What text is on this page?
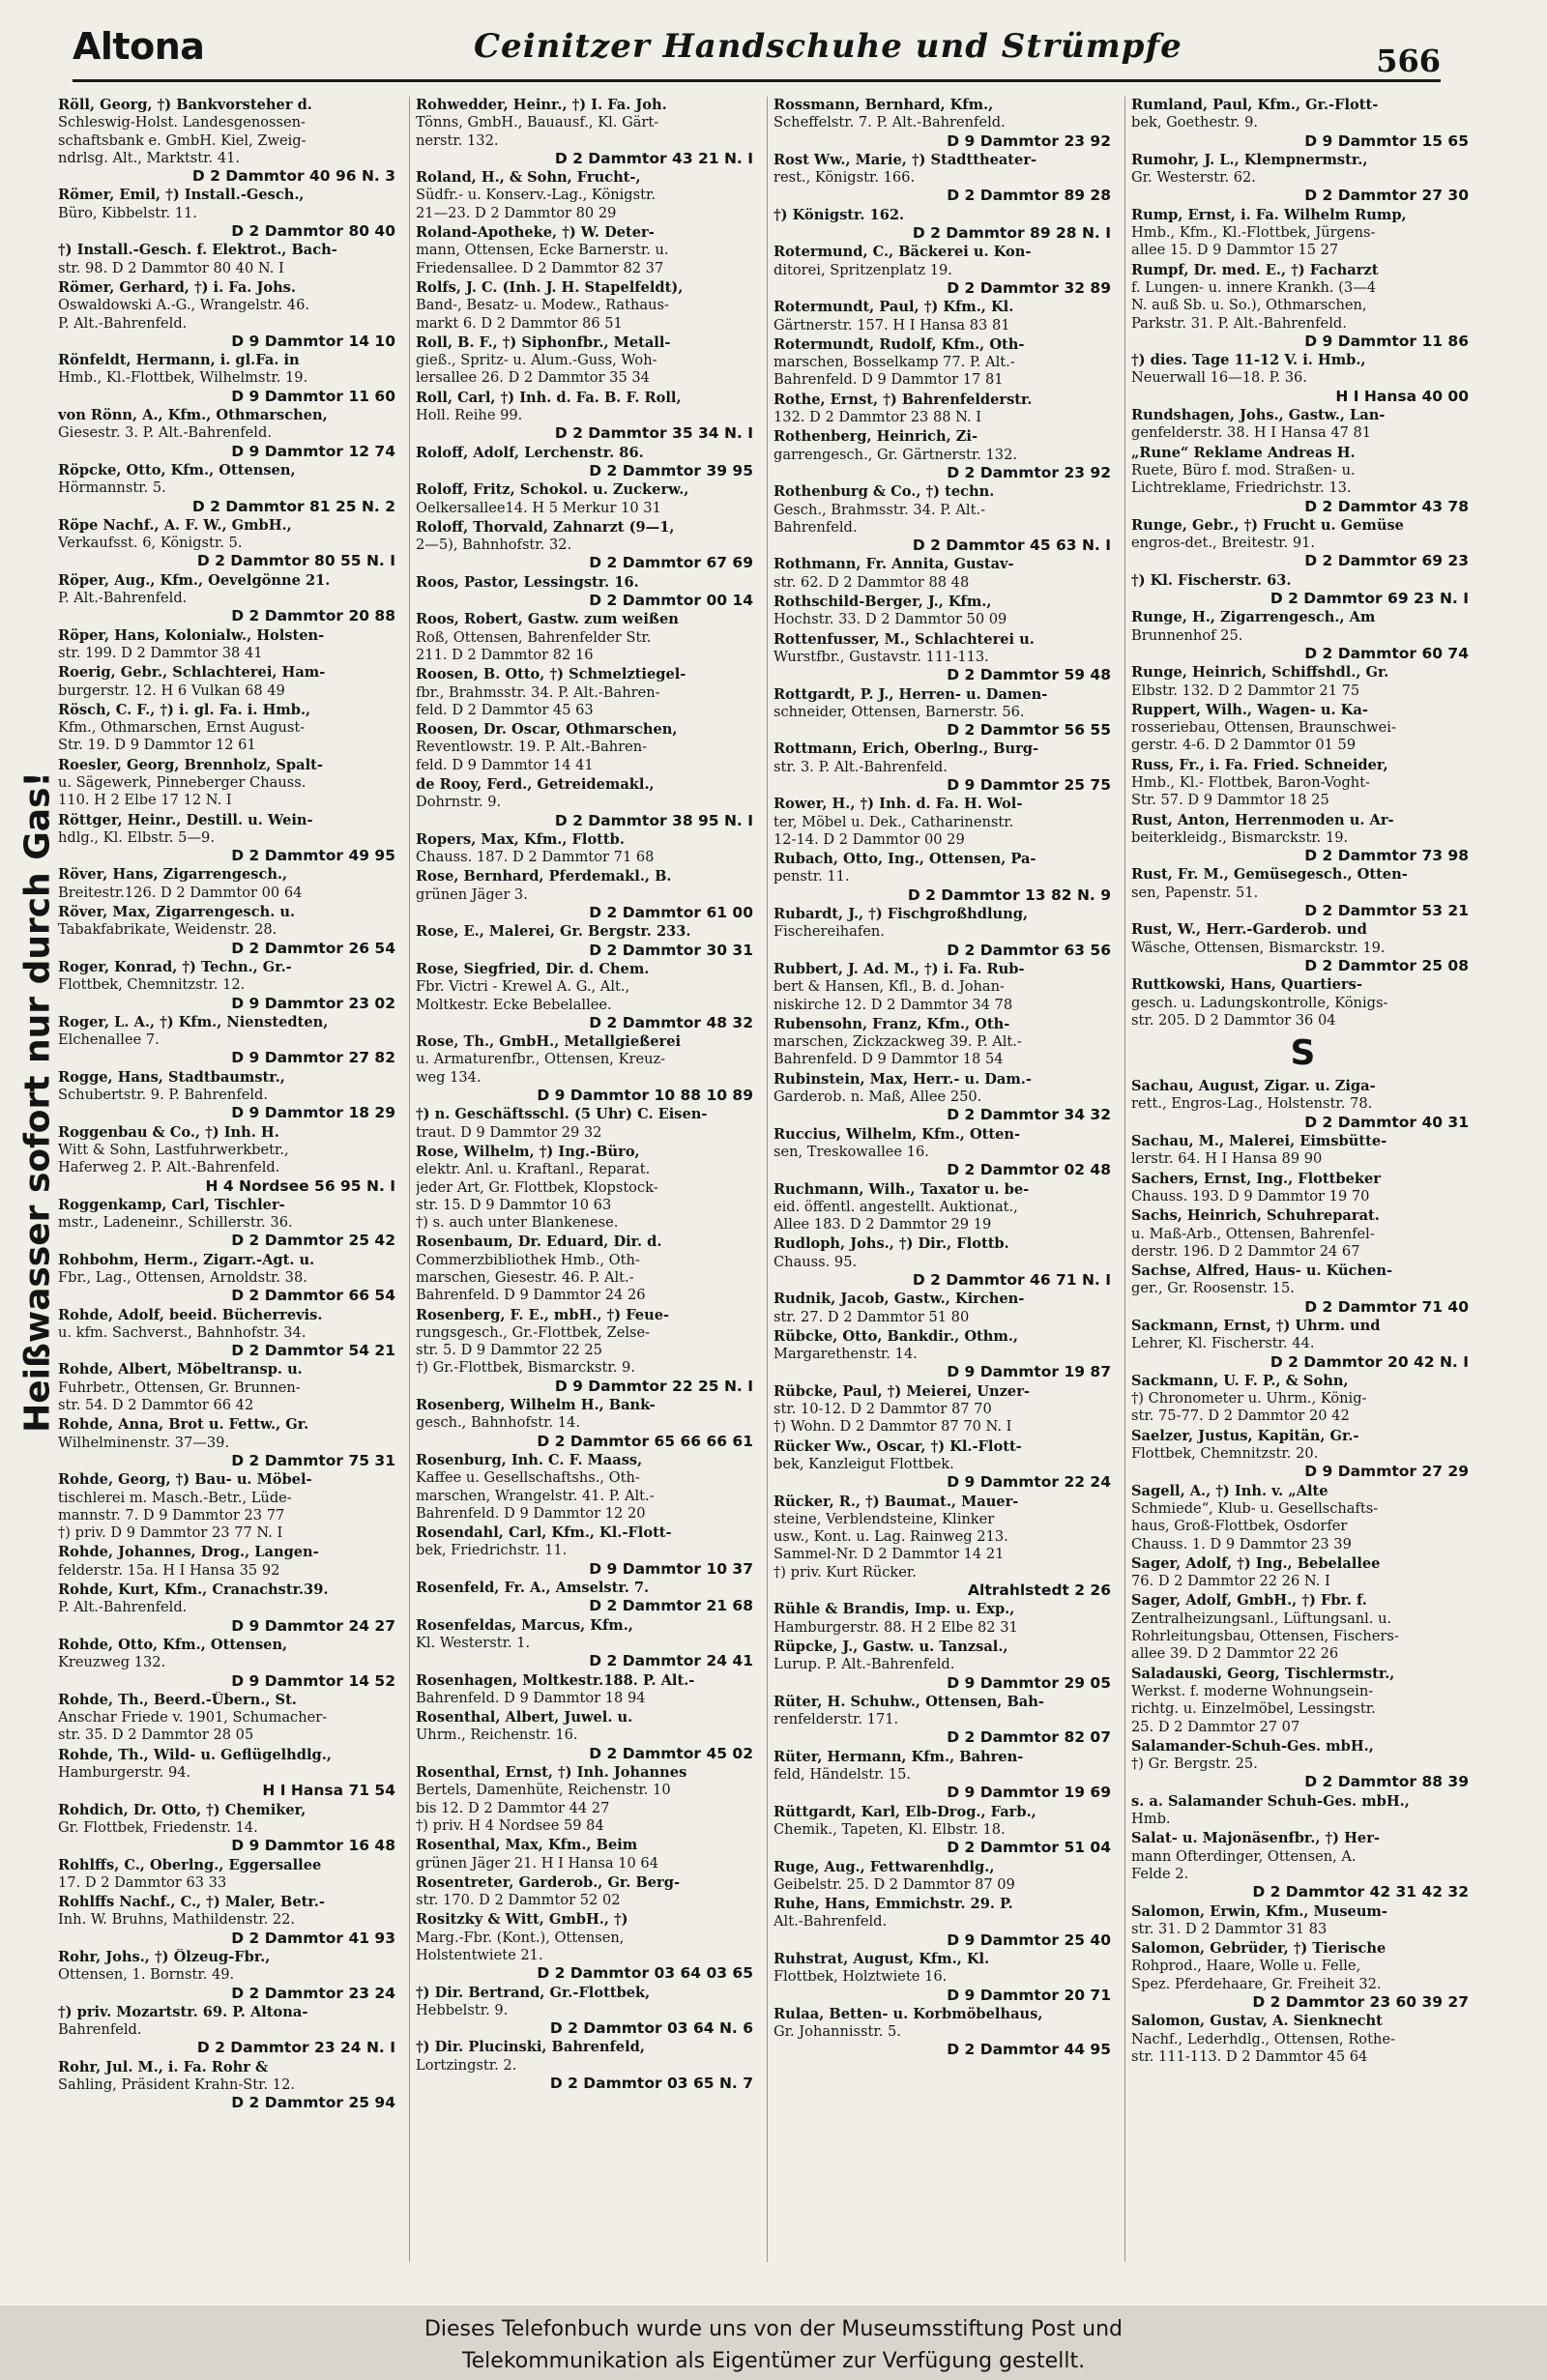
Altona	Ceinitzer Handschuhe und Strümpfe	566
Heißwasser sofort nur durch Gas!
Röll, Georg, †) Bankvorsteher d.
Schleswig-Holst. Landesgenossen-
schaftsbank e. GmbH. Kiel, Zweig-
ndrlsg. Alt., Marktstr. 41.
D 2 Dammtor 40 96 N. 3
Römer, Emil, †) Install.-Gesch.,
Büro, Kibbelstr. 11.
D 2 Dammtor 80 40
†) Install.-Gesch. f. Elektrot., Bach-
str. 98. D 2 Dammtor 80 40 N. I
Römer, Gerhard, †) i. Fa. Johs.
Oswaldowski A.-G., Wrangelstr. 46.
P. Alt.-Bahrenfeld.
D 9 Dammtor 14 10
Rönfeldt, Hermann, i. gl.Fa. in
Hmb., Kl.-Flottbek, Wilhelmstr. 19.
D 9 Dammtor 11 60
von Rönn, A., Kfm., Othmarschen,
Giesestr. 3. P. Alt.-Bahrenfeld.
D 9 Dammtor 12 74
Röpcke, Otto, Kfm., Ottensen,
Hörmannstr. 5.
D 2 Dammtor 81 25 N. 2
Röpe Nachf., A. F. W., GmbH.,
Verkaufsst. 6, Königstr. 5.
D 2 Dammtor 80 55 N. I
Röper, Aug., Kfm., Oevelgönne 21.
P. Alt.-Bahrenfeld.
D 2 Dammtor 20 88
Röper, Hans, Kolonialw., Holsten-
str. 199. D 2 Dammtor 38 41
Roerig, Gebr., Schlachterei, Ham-
burgerstr. 12. H 6 Vulkan 68 49
Rösch, C. F., †) i. gl. Fa. i. Hmb.,
Kfm., Othmarschen, Ernst August-
Str. 19. D 9 Dammtor 12 61
Roesler, Georg, Brennholz, Spalt-
u. Sägewerk, Pinneberger Chauss.
110. H 2 Elbe 17 12 N. I
Röttger, Heinr., Destill. u. Wein-
hdlg., Kl. Elbstr. 5—9.
D 2 Dammtor 49 95
Röver, Hans, Zigarrengesch.,
Breitestr.126. D 2 Dammtor 00 64
Röver, Max, Zigarrengesch. u.
Tabakfabrikate, Weidenstr. 28.
D 2 Dammtor 26 54
Roger, Konrad, †) Techn., Gr.-
Flottbek, Chemnitzstr. 12.
D 9 Dammtor 23 02
Roger, L. A., †) Kfm., Nienstedten,
Elchenallee 7.
D 9 Dammtor 27 82
Rogge, Hans, Stadtbaumstr.,
Schubertstr. 9. P. Bahrenfeld.
D 9 Dammtor 18 29
Roggenbau & Co., †) Inh. H.
Witt & Sohn, Lastfuhrwerkbetr.,
Haferweg 2. P. Alt.-Bahrenfeld.
H 4 Nordsee 56 95 N. I
Roggenkamp, Carl, Tischler-
mstr., Ladeneinr., Schillerstr. 36.
D 2 Dammtor 25 42
Rohbohm, Herm., Zigarr.-Agt. u.
Fbr., Lag., Ottensen, Arnoldstr. 38.
D 2 Dammtor 66 54
Rohde, Adolf, beeid. Bücherrevis.
u. kfm. Sachverst., Bahnhofstr. 34.
D 2 Dammtor 54 21
Rohde, Albert, Möbeltransp. u.
Fuhrbetr., Ottensen, Gr. Brunnen-
str. 54. D 2 Dammtor 66 42
Rohde, Anna, Brot u. Fettw., Gr.
Wilhelminenstr. 37—39.
D 2 Dammtor 75 31
Rohde, Georg, †) Bau- u. Möbel-
tischlerei m. Masch.-Betr., Lüde-
mannstr. 7. D 9 Dammtor 23 77
†) priv. D 9 Dammtor 23 77 N. I
Rohde, Johannes, Drog., Langen-
felderstr. 15a. H I Hansa 35 92
Rohde, Kurt, Kfm., Cranachstr.39.
P. Alt.-Bahrenfeld.
D 9 Dammtor 24 27
Rohde, Otto, Kfm., Ottensen,
Kreuzweg 132.
D 9 Dammtor 14 52
Rohde, Th., Beerd.-Übern., St.
Anschar Friede v. 1901, Schumacher-
str. 35. D 2 Dammtor 28 05
Rohde, Th., Wild- u. Geflügelhdlg.,
Hamburgerstr. 94.
H I Hansa 71 54
Rohdich, Dr. Otto, †) Chemiker,
Gr. Flottbek, Friedenstr. 14.
D 9 Dammtor 16 48
Rohlffs, C., Oberlng., Eggersallee
17. D 2 Dammtor 63 33
Rohlffs Nachf., C., †) Maler, Betr.-
Inh. W. Bruhns, Mathildenstr. 22.
D 2 Dammtor 41 93
Rohr, Johs., †) Ölzeug-Fbr.,
Ottensen, 1. Bornstr. 49.
D 2 Dammtor 23 24
†) priv. Mozartstr. 69. P. Altona-
Bahrenfeld.
D 2 Dammtor 23 24 N. I
Rohr, Jul. M., i. Fa. Rohr &
Sahling, Präsident Krahn-Str. 12.
D 2 Dammtor 25 94
Rohwedder, Heinr., †) I. Fa. Joh.
Tönns, GmbH., Bauausf., Kl. Gärt-
nerstr. 132.
D 2 Dammtor 43 21 N. I
Roland, H., & Sohn, Frucht-,
Südfr.- u. Konserv.-Lag., Königstr.
21—23. D 2 Dammtor 80 29
Roland-Apotheke, †) W. Deter-
mann, Ottensen, Ecke Barnerstr. u.
Friedensallee. D 2 Dammtor 82 37
Rolfs, J. C. (Inh. J. H. Stapelfeldt),
Band-, Besatz- u. Modew., Rathaus-
markt 6. D 2 Dammtor 86 51
Roll, B. F., †) Siphonfbr., Metall-
gieß., Spritz- u. Alum.-Guss, Woh-
lersallee 26. D 2 Dammtor 35 34
Roll, Carl, †) Inh. d. Fa. B. F. Roll,
Holl. Reihe 99.
D 2 Dammtor 35 34 N. I
Roloff, Adolf, Lerchenstr. 86.
D 2 Dammtor 39 95
Roloff, Fritz, Schokol. u. Zuckerw.,
Oelkersallee14. H 5 Merkur 10 31
Roloff, Thorvald, Zahnarzt (9—1,
2—5), Bahnhofstr. 32.
D 2 Dammtor 67 69
Roos, Pastor, Lessingstr. 16.
D 2 Dammtor 00 14
Roos, Robert, Gastw. zum weißen
Roß, Ottensen, Bahrenfelder Str.
211. D 2 Dammtor 82 16
Roosen, B. Otto, †) Schmelztiegel-
fbr., Brahmsstr. 34. P. Alt.-Bahren-
feld. D 2 Dammtor 45 63
Roosen, Dr. Oscar, Othmarschen,
Reventlowstr. 19. P. Alt.-Bahren-
feld. D 9 Dammtor 14 41
de Rooy, Ferd., Getreidemakl.,
Dohrnstr. 9.
D 2 Dammtor 38 95 N. I
Ropers, Max, Kfm., Flottb.
Chauss. 187. D 2 Dammtor 71 68
Rose, Bernhard, Pferdemakl., B.
grünen Jäger 3.
D 2 Dammtor 61 00
Rose, E., Malerei, Gr. Bergstr. 233.
D 2 Dammtor 30 31
Rose, Siegfried, Dir. d. Chem.
Fbr. Victri - Krewel A. G., Alt.,
Moltkestr. Ecke Bebelallee.
D 2 Dammtor 48 32
Rose, Th., GmbH., Metallgießerei
u. Armaturenfbr., Ottensen, Kreuz-
weg 134.
D 9 Dammtor 10 88 10 89
†) n. Geschäftsschl. (5 Uhr) C. Eisen-
traut. D 9 Dammtor 29 32
Rose, Wilhelm, †) Ing.-Büro,
elektr. Anl. u. Kraftanl., Reparat.
jeder Art, Gr. Flottbek, Klopstock-
str. 15. D 9 Dammtor 10 63
†) s. auch unter Blankenese.
Rosenbaum, Dr. Eduard, Dir. d.
Commerzbibliothek Hmb., Oth-
marschen, Giesestr. 46. P. Alt.-
Bahrenfeld. D 9 Dammtor 24 26
Rosenberg, F. E., mbH., †) Feue-
rungsgesch., Gr.-Flottbek, Zelse-
str. 5. D 9 Dammtor 22 25
†) Gr.-Flottbek, Bismarckstr. 9.
D 9 Dammtor 22 25 N. I
Rosenberg, Wilhelm H., Bank-
gesch., Bahnhofstr. 14.
D 2 Dammtor 65 66 66 61
Rosenburg, Inh. C. F. Maass,
Kaffee u. Gesellschaftshs., Oth-
marschen, Wrangelstr. 41. P. Alt.-
Bahrenfeld. D 9 Dammtor 12 20
Rosendahl, Carl, Kfm., Kl.-Flott-
bek, Friedrichstr. 11.
D 9 Dammtor 10 37
Rosenfeld, Fr. A., Amselstr. 7.
D 2 Dammtor 21 68
Rosenfeldas, Marcus, Kfm.,
Kl. Westerstr. 1.
D 2 Dammtor 24 41
Rosenhagen, Moltkestr.188. P. Alt.-
Bahrenfeld. D 9 Dammtor 18 94
Rosenthal, Albert, Juwel. u.
Uhrm., Reichenstr. 16.
D 2 Dammtor 45 02
Rosenthal, Ernst, †) Inh. Johannes
Bertels, Damenhüte, Reichenstr. 10
bis 12. D 2 Dammtor 44 27
†) priv. H 4 Nordsee 59 84
Rosenthal, Max, Kfm., Beim
grünen Jäger 21. H I Hansa 10 64
Rosentreter, Garderob., Gr. Berg-
str. 170. D 2 Dammtor 52 02
Rositzky & Witt, GmbH., †)
Marg.-Fbr. (Kont.), Ottensen,
Holstentwiete 21.
D 2 Dammtor 03 64 03 65
†) Dir. Bertrand, Gr.-Flottbek,
Hebbelstr. 9.
D 2 Dammtor 03 64 N. 6
†) Dir. Plucinski, Bahrenfeld,
Lortzingstr. 2.
D 2 Dammtor 03 65 N. 7
Rossmann, Bernhard, Kfm.,
Scheffelstr. 7. P. Alt.-Bahrenfeld.
D 9 Dammtor 23 92
Rost Ww., Marie, †) Stadttheater-
rest., Königstr. 166.
D 2 Dammtor 89 28
†) Königstr. 162.
D 2 Dammtor 89 28 N. I
Rotermund, C., Bäckerei u. Kon-
ditorei, Spritzenplatz 19.
D 2 Dammtor 32 89
Rotermundt, Paul, †) Kfm., Kl.
Gärtnerstr. 157. H I Hansa 83 81
Rotermundt, Rudolf, Kfm., Oth-
marschen, Bosselkamp 77. P. Alt.-
Bahrenfeld. D 9 Dammtor 17 81
Rothe, Ernst, †) Bahrenfelderstr.
132. D 2 Dammtor 23 88 N. I
Rothenberg, Heinrich, Zi-
garrengesch., Gr. Gärtnerstr. 132.
D 2 Dammtor 23 92
Rothenburg & Co., †) techn.
Gesch., Brahmsstr. 34. P. Alt.-
Bahrenfeld.
D 2 Dammtor 45 63 N. I
Rothmann, Fr. Annita, Gustav-
str. 62. D 2 Dammtor 88 48
Rothschild-Berger, J., Kfm.,
Hochstr. 33. D 2 Dammtor 50 09
Rottenfusser, M., Schlachterei u.
Wurstfbr., Gustavstr. 111-113.
D 2 Dammtor 59 48
Rottgardt, P. J., Herren- u. Damen-
schneider, Ottensen, Barnerstr. 56.
D 2 Dammtor 56 55
Rottmann, Erich, Oberlng., Burg-
str. 3. P. Alt.-Bahrenfeld.
D 9 Dammtor 25 75
Rower, H., †) Inh. d. Fa. H. Wol-
ter, Möbel u. Dek., Catharinenstr.
12-14. D 2 Dammtor 00 29
Rubach, Otto, Ing., Ottensen, Pa-
penstr. 11.
D 2 Dammtor 13 82 N. 9
Rubardt, J., †) Fischgroßhdlung,
Fischereihafen.
D 2 Dammtor 63 56
Rubbert, J. Ad. M., †) i. Fa. Rub-
bert & Hansen, Kfl., B. d. Johan-
niskirche 12. D 2 Dammtor 34 78
Rubensohn, Franz, Kfm., Oth-
marschen, Zickzackweg 39. P. Alt.-
Bahrenfeld. D 9 Dammtor 18 54
Rubinstein, Max, Herr.- u. Dam.-
Garderob. n. Maß, Allee 250.
D 2 Dammtor 34 32
Ruccius, Wilhelm, Kfm., Otten-
sen, Treskowallee 16.
D 2 Dammtor 02 48
Ruchmann, Wilh., Taxator u. be-
eid. öffentl. angestellt. Auktionat.,
Allee 183. D 2 Dammtor 29 19
Rudloph, Johs., †) Dir., Flottb.
Chauss. 95.
D 2 Dammtor 46 71 N. I
Rudnik, Jacob, Gastw., Kirchen-
str. 27. D 2 Dammtor 51 80
Rübcke, Otto, Bankdir., Othm.,
Margarethenstr. 14.
D 9 Dammtor 19 87
Rübcke, Paul, †) Meierei, Unzer-
str. 10-12. D 2 Dammtor 87 70
†) Wohn. D 2 Dammtor 87 70 N. I
Rücker Ww., Oscar, †) Kl.-Flott-
bek, Kanzleigut Flottbek.
D 9 Dammtor 22 24
Rücker, R., †) Baumat., Mauer-
steine, Verblendsteine, Klinker
usw., Kont. u. Lag. Rainweg 213.
Sammel-Nr. D 2 Dammtor 14 21
†) priv. Kurt Rücker.
Altrahlstedt 2 26
Rühle & Brandis, Imp. u. Exp.,
Hamburgerstr. 88. H 2 Elbe 82 31
Rüpcke, J., Gastw. u. Tanzsal.,
Lurup. P. Alt.-Bahrenfeld.
D 9 Dammtor 29 05
Rüter, H. Schuhw., Ottensen, Bah-
renfelderstr. 171.
D 2 Dammtor 82 07
Rüter, Hermann, Kfm., Bahren-
feld, Händelstr. 15.
D 9 Dammtor 19 69
Rüttgardt, Karl, Elb-Drog., Farb.,
Chemik., Tapeten, Kl. Elbstr. 18.
D 2 Dammtor 51 04
Ruge, Aug., Fettwarenhdlg.,
Geibelstr. 25. D 2 Dammtor 87 09
Ruhe, Hans, Emmichstr. 29. P.
Alt.-Bahrenfeld.
D 9 Dammtor 25 40
Ruhstrat, August, Kfm., Kl.
Flottbek, Holztwiete 16.
D 9 Dammtor 20 71
Rulaa, Betten- u. Korbmöbelhaus,
Gr. Johannisstr. 5.
D 2 Dammtor 44 95
Rumland, Paul, Kfm., Gr.-Flott-
bek, Goethestr. 9.
D 9 Dammtor 15 65
Rumohr, J. L., Klempnermstr.,
Gr. Westerstr. 62.
D 2 Dammtor 27 30
Rump, Ernst, i. Fa. Wilhelm Rump,
Hmb., Kfm., Kl.-Flottbek, Jürgens-
allee 15. D 9 Dammtor 15 27
Rumpf, Dr. med. E., †) Facharzt
f. Lungen- u. innere Krankh. (3—4
N. auß Sb. u. So.), Othmarschen,
Parkstr. 31. P. Alt.-Bahrenfeld.
D 9 Dammtor 11 86
†) dies. Tage 11-12 V. i. Hmb.,
Neuerwall 16—18. P. 36.
H I Hansa 40 00
Rundshagen, Johs., Gastw., Lan-
genfelderstr. 38. H I Hansa 47 81
„Rune“ Reklame Andreas H.
Ruete, Büro f. mod. Straßen- u.
Lichtreklame, Friedrichstr. 13.
D 2 Dammtor 43 78
Runge, Gebr., †) Frucht u. Gemüse
engros-det., Breitestr. 91.
D 2 Dammtor 69 23
†) Kl. Fischerstr. 63.
D 2 Dammtor 69 23 N. I
Runge, H., Zigarrengesch., Am
Brunnenhof 25.
D 2 Dammtor 60 74
Runge, Heinrich, Schiffshdl., Gr.
Elbstr. 132. D 2 Dammtor 21 75
Ruppert, Wilh., Wagen- u. Ka-
rosseriebau, Ottensen, Braunschwei-
gerstr. 4-6. D 2 Dammtor 01 59
Russ, Fr., i. Fa. Fried. Schneider,
Hmb., Kl.- Flottbek, Baron-Voght-
Str. 57. D 9 Dammtor 18 25
Rust, Anton, Herrenmoden u. Ar-
beiterkleidg., Bismarckstr. 19.
D 2 Dammtor 73 98
Rust, Fr. M., Gemüsegesch., Otten-
sen, Papenstr. 51.
D 2 Dammtor 53 21
Rust, W., Herr.-Garderob. und
Wäsche, Ottensen, Bismarckstr. 19.
D 2 Dammtor 25 08
Ruttkowski, Hans, Quartiers-
gesch. u. Ladungskontrolle, Königs-
str. 205. D 2 Dammtor 36 04
S
Sachau, August, Zigar. u. Ziga-
rett., Engros-Lag., Holstenstr. 78.
D 2 Dammtor 40 31
Sachau, M., Malerei, Eimsbütte-
lerstr. 64. H I Hansa 89 90
Sachers, Ernst, Ing., Flottbeker
Chauss. 193. D 9 Dammtor 19 70
Sachs, Heinrich, Schuhreparat.
u. Maß-Arb., Ottensen, Bahrenfel-
derstr. 196. D 2 Dammtor 24 67
Sachse, Alfred, Haus- u. Küchen-
ger., Gr. Roosenstr. 15.
D 2 Dammtor 71 40
Sackmann, Ernst, †) Uhrm. und
Lehrer, Kl. Fischerstr. 44.
D 2 Dammtor 20 42 N. I
Sackmann, U. F. P., & Sohn,
†) Chronometer u. Uhrm., König-
str. 75-77. D 2 Dammtor 20 42
Saelzer, Justus, Kapitän, Gr.-
Flottbek, Chemnitzstr. 20.
D 9 Dammtor 27 29
Sagell, A., †) Inh. v. „Alte
Schmiede“, Klub- u. Gesellschafts-
haus, Groß-Flottbek, Osdorfer
Chauss. 1. D 9 Dammtor 23 39
Sager, Adolf, †) Ing., Bebelallee
76. D 2 Dammtor 22 26 N. I
Sager, Adolf, GmbH., †) Fbr. f.
Zentralheizungsanl., Lüftungsanl. u.
Rohrleitungsbau, Ottensen, Fischers-
allee 39. D 2 Dammtor 22 26
Saladauski, Georg, Tischlermstr.,
Werkst. f. moderne Wohnungsein-
richtg. u. Einzelmöbel, Lessingstr.
25. D 2 Dammtor 27 07
Salamander-Schuh-Ges. mbH.,
†) Gr. Bergstr. 25.
D 2 Dammtor 88 39
s. a. Salamander Schuh-Ges. mbH.,
Hmb.
Salat- u. Majonäsenfbr., †) Her-
mann Ofterdinger, Ottensen, A.
Felde 2.
D 2 Dammtor 42 31 42 32
Salomon, Erwin, Kfm., Museum-
str. 31. D 2 Dammtor 31 83
Salomon, Gebrüder, †) Tierische
Rohprod., Haare, Wolle u. Felle,
Spez. Pferdehaare, Gr. Freiheit 32.
D 2 Dammtor 23 60 39 27
Salomon, Gustav, A. Sienknecht
Nachf., Lederhdlg., Ottensen, Rothe-
str. 111-113. D 2 Dammtor 45 64
Dieses Telefonbuch wurde uns von der Museumsstiftung Post und
Telekommunikation als Eigentümer zur Verfügung gestellt.
